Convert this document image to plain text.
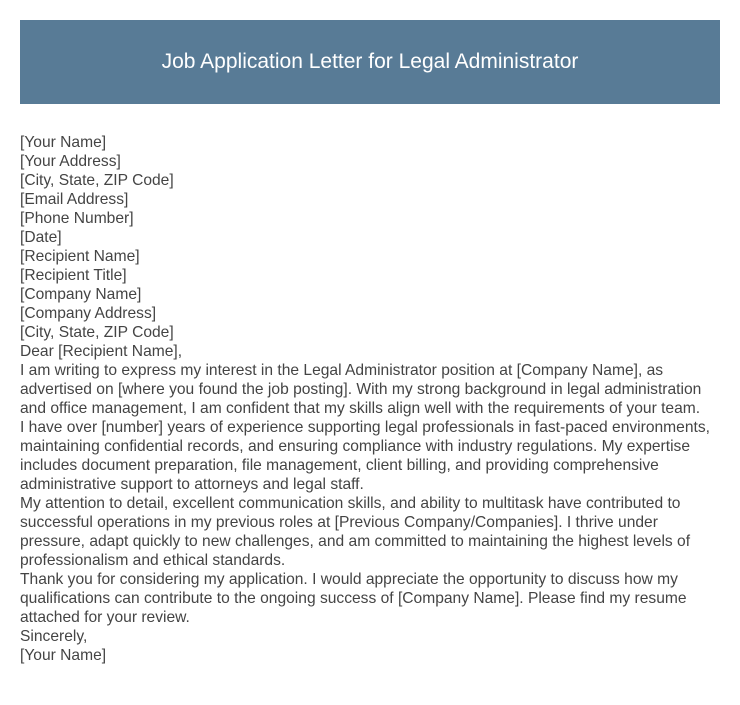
Job Application Letter for Legal Administrator
[Your Name]
[Your Address]
[City, State, ZIP Code]
[Email Address]
[Phone Number]
[Date]
[Recipient Name]
[Recipient Title]
[Company Name]
[Company Address]
[City, State, ZIP Code]
Dear [Recipient Name],

I am writing to express my interest in the Legal Administrator position at [Company Name], as advertised on [where you found the job posting]. With my strong background in legal administration and office management, I am confident that my skills align well with the requirements of your team.

I have over [number] years of experience supporting legal professionals in fast-paced environments, maintaining confidential records, and ensuring compliance with industry regulations. My expertise includes document preparation, file management, client billing, and providing comprehensive administrative support to attorneys and legal staff.

My attention to detail, excellent communication skills, and ability to multitask have contributed to successful operations in my previous roles at [Previous Company/Companies]. I thrive under pressure, adapt quickly to new challenges, and am committed to maintaining the highest levels of professionalism and ethical standards.

Thank you for considering my application. I would appreciate the opportunity to discuss how my qualifications can contribute to the ongoing success of [Company Name]. Please find my resume attached for your review.

Sincerely,
[Your Name]
